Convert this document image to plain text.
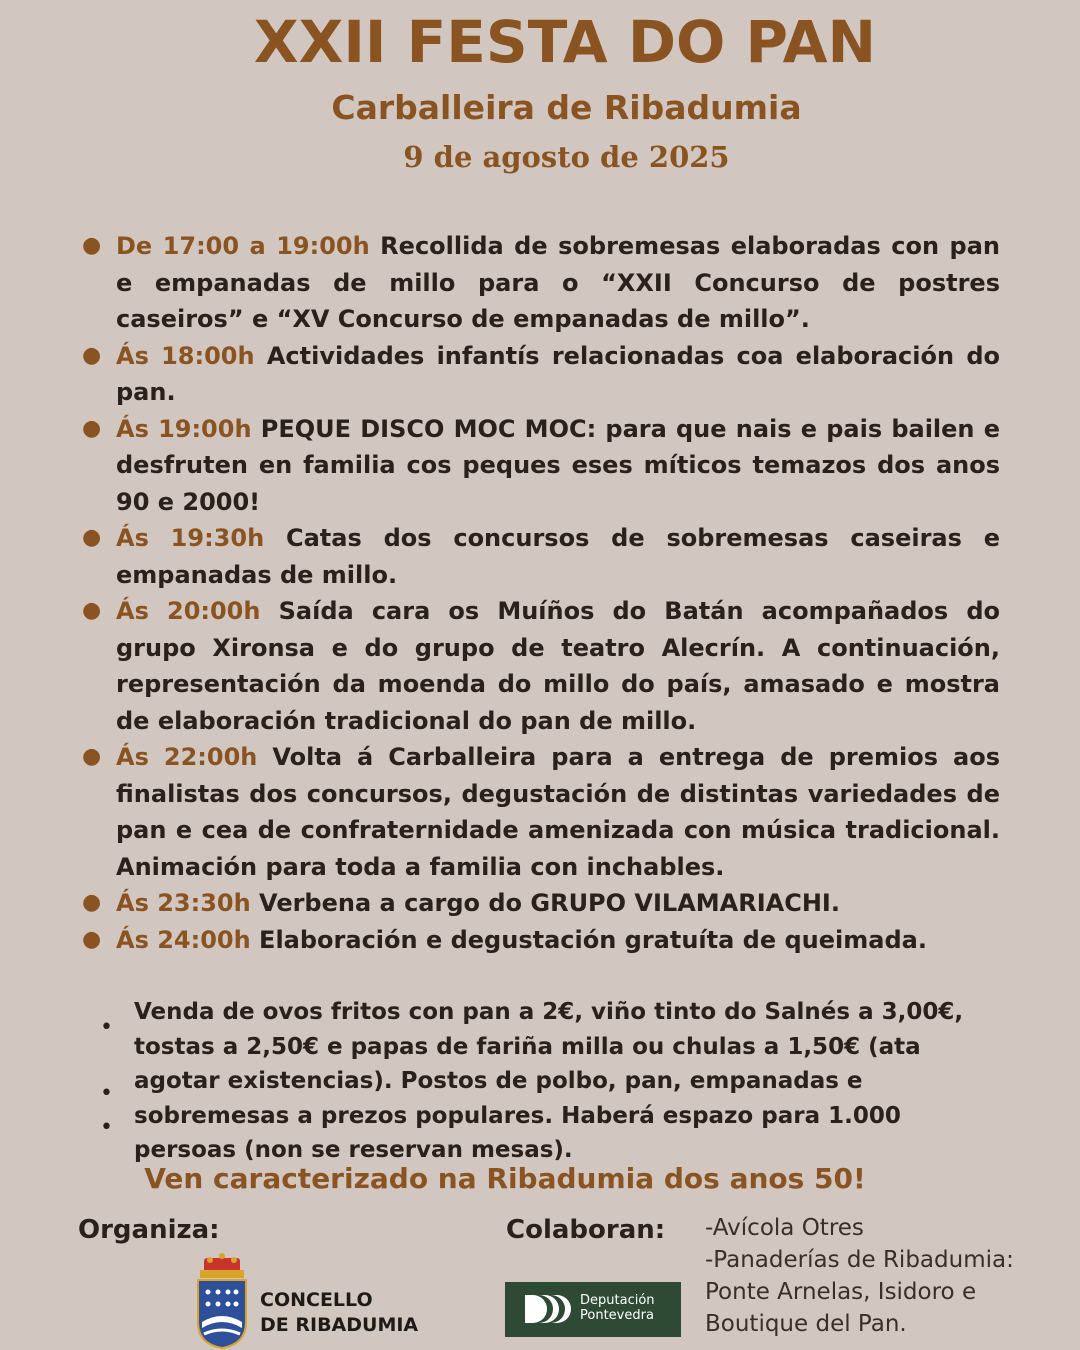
XXII FESTA DO PAN
Carballeira de Ribadumia
9 de agosto de 2025
● De 17:00 a 19:00h Recollida de sobremesas elaboradas con pan e empanadas de millo para o “XXII Concurso de postres caseiros” e “XV Concurso de empanadas de millo”.
● Ás 18:00h Actividades infantís relacionadas coa elaboración do pan.
● Ás 19:00h PEQUE DISCO MOC MOC: para que nais e pais bailen e desfruten en familia cos peques eses míticos temazos dos anos 90 e 2000!
● Ás 19:30h Catas dos concursos de sobremesas caseiras e empanadas de millo.
● Ás 20:00h Saída cara os Muíños do Batán acompañados do grupo Xironsa e do grupo de teatro Alecrín. A continuación, representación da moenda do millo do país, amasado e mostra de elaboración tradicional do pan de millo.
● Ás 22:00h Volta á Carballeira para a entrega de premios aos finalistas dos concursos, degustación de distintas variedades de pan e cea de confraternidade amenizada con música tradicional. Animación para toda a familia con inchables.
● Ás 23:30h Verbena a cargo do GRUPO VILAMARIACHI.
● Ás 24:00h Elaboración e degustación gratuíta de queimada.
•
•
•

Venda de ovos fritos con pan a 2€, viño tinto do Salnés a 3,00€, tostas a 2,50€ e papas de fariña milla ou chulas a 1,50€ (ata agotar existencias). Postos de polbo, pan, empanadas e sobremesas a prezos populares. Haberá espazo para 1.000 persoas (non se reservan mesas).

Ven caracterizado na Ribadumia dos anos 50!

Organiza:	Colaboran: -Avícola Otres
-Panaderías de Ribadumia:
Ponte Arnelas, Isidoro e
Boutique del Pan.
CONCELLO
DE RIBADUMIA
Deputación
Pontevedra
